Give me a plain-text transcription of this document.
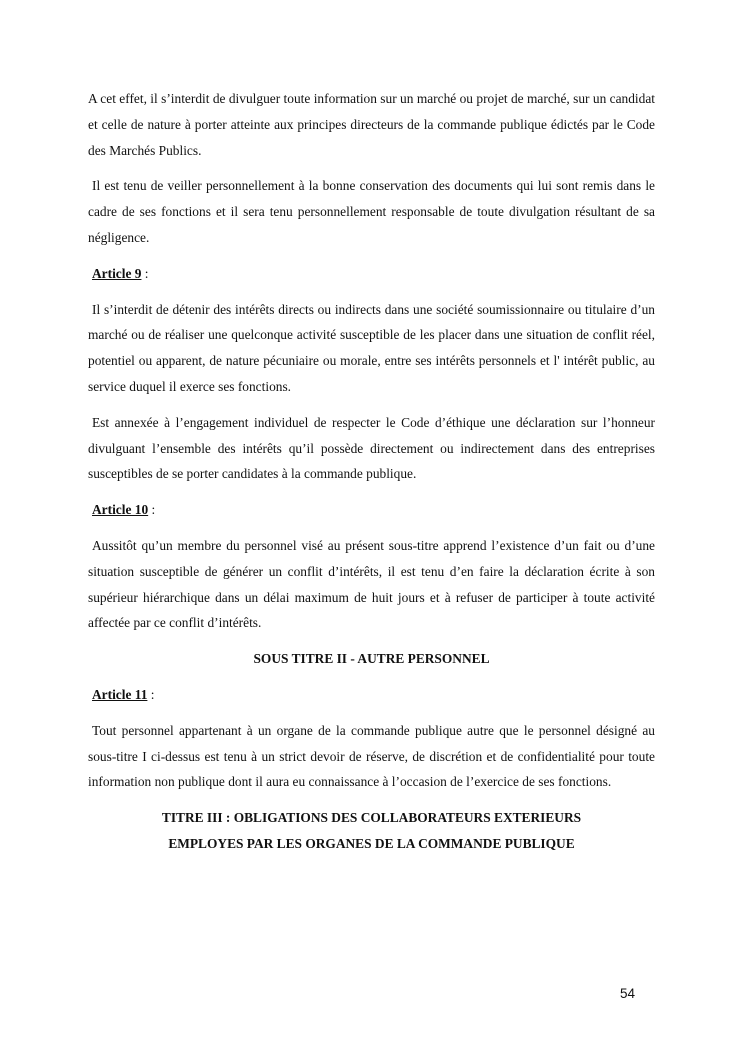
A cet effet, il s’interdit de divulguer toute information sur un marché ou projet de marché, sur un candidat et celle de nature à porter atteinte aux principes directeurs de la commande publique édictés par le Code des Marchés Publics.

Il est tenu de veiller personnellement à la bonne conservation des documents qui lui sont remis dans le cadre de ses fonctions et il sera tenu personnellement responsable de toute divulgation résultant de sa négligence.

Article 9 :

Il s’interdit de détenir des intérêts directs ou indirects dans une société soumissionnaire ou titulaire d’un marché ou de réaliser une quelconque activité susceptible de les placer dans une situation de conflit réel, potentiel ou apparent, de nature pécuniaire ou morale, entre ses intérêts personnels et l' intérêt public, au service duquel il exerce ses fonctions.

Est annexée à l’engagement individuel de respecter le Code d’éthique une déclaration sur l’honneur divulguant l’ensemble des intérêts qu’il possède directement ou indirectement dans des entreprises susceptibles de se porter candidates à la commande publique.

Article 10 :

Aussitôt qu’un membre du personnel visé au présent sous-titre apprend l’existence d’un fait ou d’une situation susceptible de générer un conflit d’intérêts, il est tenu d’en faire la déclaration écrite à son supérieur hiérarchique dans un délai maximum de huit jours et à refuser de participer à toute activité affectée par ce conflit d’intérêts.

SOUS TITRE II - AUTRE PERSONNEL
Article 11 :

Tout personnel appartenant à un organe de la commande publique autre que le personnel désigné au sous-titre I ci-dessus est tenu à un strict devoir de réserve, de discrétion et de confidentialité pour toute information non publique dont il aura eu connaissance à l’occasion de l’exercice de ses fonctions.

TITRE III : OBLIGATIONS DES COLLABORATEURS EXTERIEURS
EMPLOYES PAR LES ORGANES DE LA COMMANDE PUBLIQUE
54
